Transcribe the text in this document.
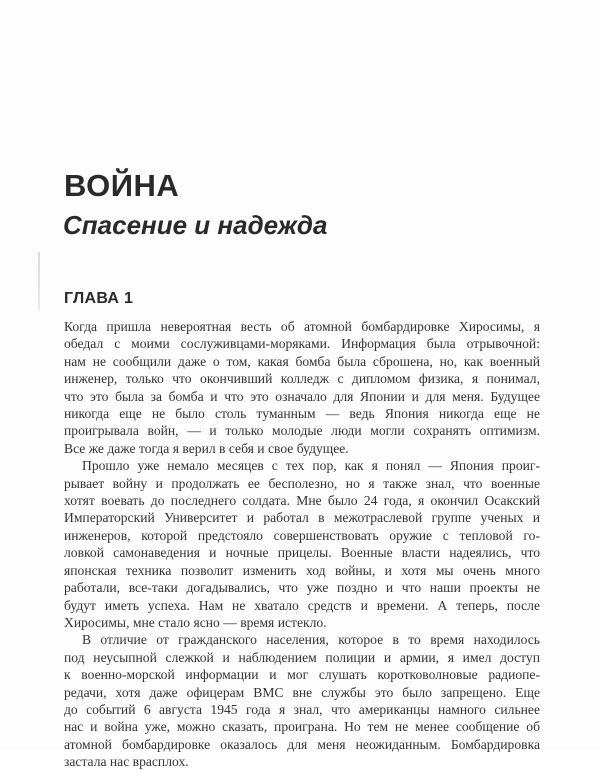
ВОЙНА
Спасение и надежда
ГЛАВА 1
Когда пришла невероятная весть об атомной бомбардировке Хиросимы, я
обедал с моими сослуживцами-моряками. Информация была отрывочной:
нам не сообщили даже о том, какая бомба была сброшена, но, как военный
инженер, только что окончивший колледж с дипломом физика, я понимал,
что это была за бомба и что это означало для Японии и для меня. Будущее
никогда еще не было столь туманным — ведь Япония никогда еще не
проигрывала войн, — и только молодые люди могли сохранять оптимизм.
Все же даже тогда я верил в себя и свое будущее.
Прошло уже немало месяцев с тех пор, как я понял — Япония проиг-
рывает войну и продолжать ее бесполезно, но я также знал, что военные
хотят воевать до последнего солдата. Мне было 24 года, я окончил Осакский
Императорский Университет и работал в межотраслевой группе ученых и
инженеров, которой предстояло совершенствовать оружие с тепловой го-
ловкой самонаведения и ночные прицелы. Военные власти надеялись, что
японская техника позволит изменить ход войны, и хотя мы очень много
работали, все-таки догадывались, что уже поздно и что наши проекты не
будут иметь успеха. Нам не хватало средств и времени. А теперь, после
Хиросимы, мне стало ясно — время истекло.
В отличие от гражданского населения, которое в то время находилось
под неусыпной слежкой и наблюдением полиции и армии, я имел доступ
к военно-морской информации и мог слушать коротковолновые радиопе-
редачи, хотя даже офицерам ВМС вне службы это было запрещено. Еще
до событий 6 августа 1945 года я знал, что американцы намного сильнее
нас и война уже, можно сказать, проиграна. Но тем не менее сообщение об
атомной бомбардировке оказалось для меня неожиданным. Бомбардировка
застала нас врасплох.
